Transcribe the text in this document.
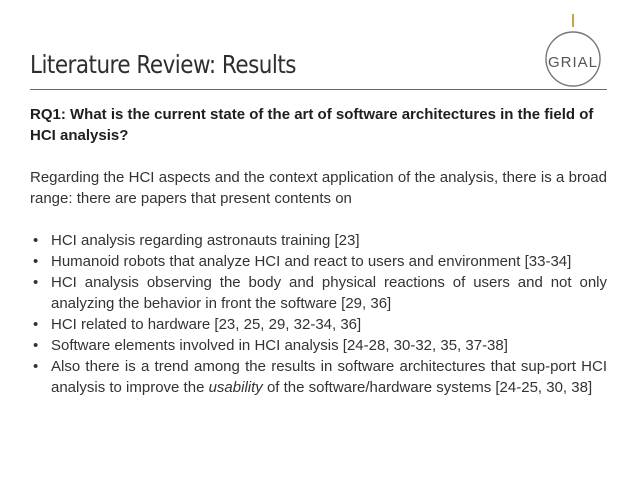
Literature Review: Results	GRIAL

RQ1: What is the current state of the art of software architectures in the field of HCI analysis?

Regarding the HCI aspects and the context application of the analysis, there is a broad range: there are papers that present contents on

• HCI analysis regarding astronauts training [23]
• Humanoid robots that analyze HCI and react to users and environment [33-34]
• HCI analysis observing the body and physical reactions of users and not only analyzing the behavior in front the software [29, 36]
• HCI related to hardware [23, 25, 29, 32-34, 36]
• Software elements involved in HCI analysis [24-28, 30-32, 35, 37-38]
• Also there is a trend among the results in software architectures that sup-port HCI analysis to improve the usability of the software/hardware systems [24-25, 30, 38]
